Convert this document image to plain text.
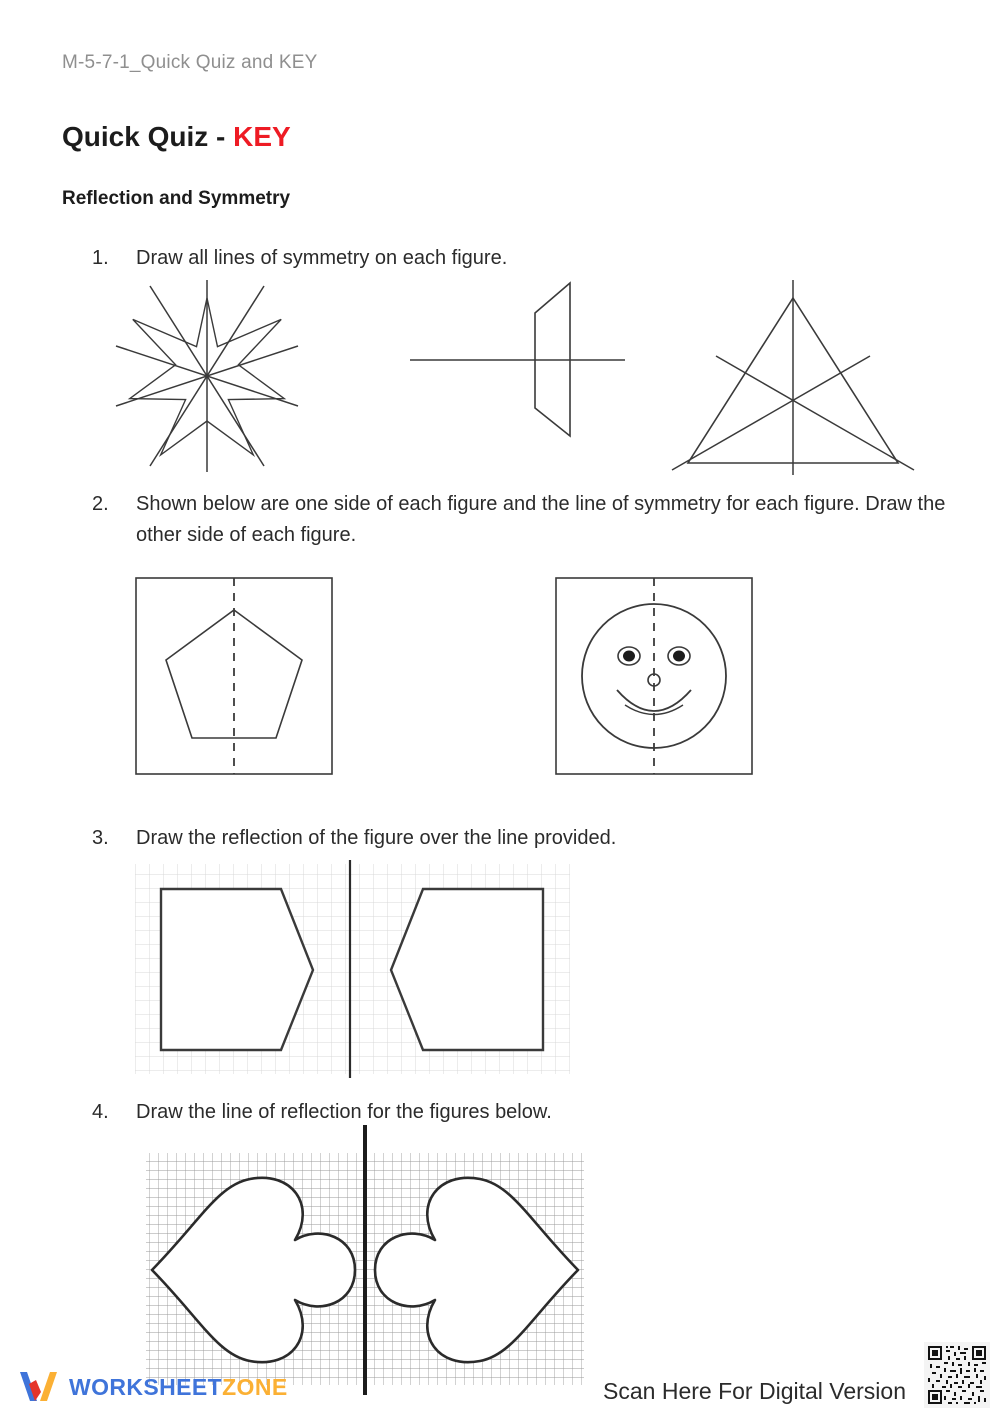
M-5-7-1_Quick Quiz and KEY
Quick Quiz - KEY
Reflection and Symmetry
1.	Draw all lines of symmetry on each figure.
2.	Shown below are one side of each figure and the line of symmetry for each figure. Draw the other side of each figure.
3.	Draw the reflection of the figure over the line provided.
4.	Draw the line of reflection for the figures below.
WORKSHEETZONE	Scan Here For Digital Version
